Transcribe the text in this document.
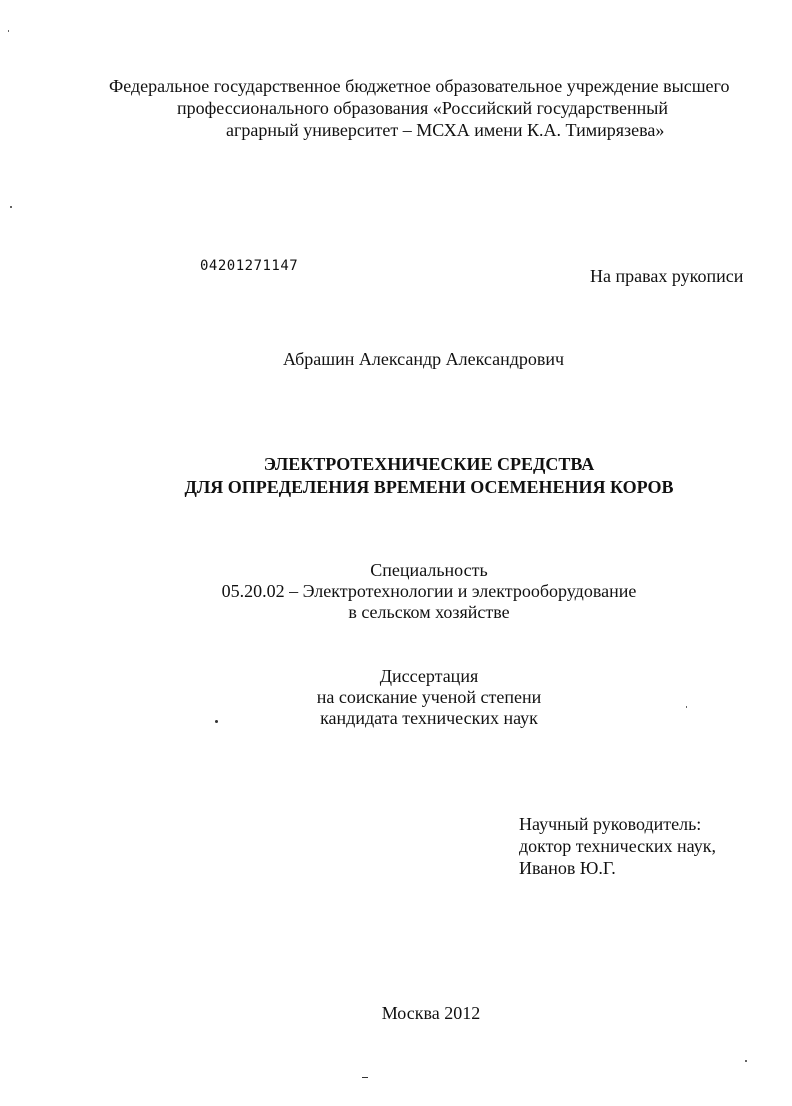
Федеральное государственное бюджетное образовательное учреждение высшего
профессионального образования «Российский государственный
аграрный университет – МСХА имени К.А. Тимирязева»
04201271147	На правах рукописи
Абрашин Александр Александрович
ЭЛЕКТРОТЕХНИЧЕСКИЕ СРЕДСТВА
ДЛЯ ОПРЕДЕЛЕНИЯ ВРЕМЕНИ ОСЕМЕНЕНИЯ КОРОВ
Специальность
05.20.02 – Электротехнологии и электрооборудование
в сельском хозяйстве
Диссертация
на соискание ученой степени
кандидата технических наук
Научный руководитель:
доктор технических наук,
Иванов Ю.Г.
Москва 2012
